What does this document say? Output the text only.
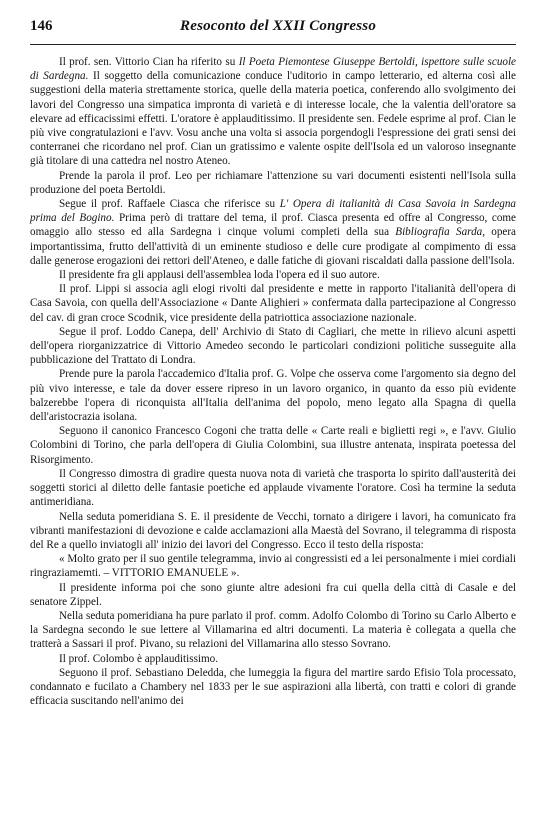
146	Resoconto del XXII Congresso

Il prof. sen. Vittorio Cian ha riferito su Il Poeta Piemontese Giuseppe Bertoldi, ispettore sulle scuole di Sardegna. Il soggetto della comunicazione conduce l'uditorio in campo letterario, ed alterna così alle suggestioni della materia strettamente storica, quelle della materia poetica, conferendo allo svolgimento dei lavori del Congresso una simpatica impronta di varietà e di interesse locale, che la valentia dell'oratore sa elevare ad efficacissimi effetti. L'oratore è applauditissimo. Il presidente sen. Fedele esprime al prof. Cian le più vive congratulazioni e l'avv. Vosu anche una volta si associa porgendogli l'espressione dei grati sensi dei conterranei che ricordano nel prof. Cian un gratissimo e valente ospite dell'Isola ed un valoroso insegnante già titolare di una cattedra nel nostro Ateneo.

Prende la parola il prof. Leo per richiamare l'attenzione su vari documenti esistenti nell'Isola sulla produzione del poeta Bertoldi.

Segue il prof. Raffaele Ciasca che riferisce su L' Opera di italianità di Casa Savoia in Sardegna prima del Bogino. Prima però di trattare del tema, il prof. Ciasca presenta ed offre al Congresso, come omaggio allo stesso ed alla Sardegna i cinque volumi completi della sua Bibliografia Sarda, opera importantissima, frutto dell'attività di un eminente studioso e delle cure prodigate al compimento di essa dalle generose erogazioni dei rettori dell'Ateneo, e dalle fatiche di giovani riscaldati dalla passione dell'Isola.

Il presidente fra gli applausi dell'assemblea loda l'opera ed il suo autore.

Il prof. Lippi si associa agli elogi rivolti dal presidente e mette in rapporto l'italianità dell'opera di Casa Savoia, con quella dell'Associazione « Dante Alighieri » confermata dalla partecipazione al Congresso del cav. di gran croce Scodnik, vice presidente della patriottica associazione nazionale.

Segue il prof. Loddo Canepa, dell' Archivio di Stato di Cagliari, che mette in rilievo alcuni aspetti dell'opera riorganizzatrice di Vittorio Amedeo secondo le particolari condizioni politiche susseguite alla pubblicazione del Trattato di Londra.

Prende pure la parola l'accademico d'Italia prof. G. Volpe che osserva come l'argomento sia degno del più vivo interesse, e tale da dover essere ripreso in un lavoro organico, in quanto da esso più evidente balzerebbe l'opera di riconquista all'Italia dell'anima del popolo, meno legato alla Spagna di quella dell'aristocrazia isolana.

Seguono il canonico Francesco Cogoni che tratta delle « Carte reali e biglietti regi », e l'avv. Giulio Colombini di Torino, che parla dell'opera di Giulia Colombini, sua illustre antenata, inspirata poetessa del Risorgimento.

Il Congresso dimostra di gradire questa nuova nota di varietà che trasporta lo spirito dall'austerità dei soggetti storici al diletto delle fantasie poetiche ed applaude vivamente l'oratore. Così ha termine la seduta antimeridiana.

Nella seduta pomeridiana S. E. il presidente de Vecchi, tornato a dirigere i lavori, ha comunicato fra vibranti manifestazioni di devozione e calde acclamazioni alla Maestà del Sovrano, il telegramma di risposta del Re a quello inviatogli all' inizio dei lavori del Congresso. Ecco il testo della risposta:

« Molto grato per il suo gentile telegramma, invio ai congressisti ed a lei personalmente i miei cordiali ringraziamemti. – VITTORIO EMANUELE ».

Il presidente informa poi che sono giunte altre adesioni fra cui quella della città di Casale e del senatore Zippel.

Nella seduta pomeridiana ha pure parlato il prof. comm. Adolfo Colombo di Torino su Carlo Alberto e la Sardegna secondo le sue lettere al Villamarina ed altri documenti. La materia è collegata a quella che tratterà a Sassari il prof. Pivano, su relazioni del Villamarina allo stesso Sovrano.

Il prof. Colombo è applauditissimo.

Seguono il prof. Sebastiano Deledda, che lumeggia la figura del martire sardo Efisio Tola processato, condannato e fucilato a Chambery nel 1833 per le sue aspirazioni alla libertà, con tratti e colori di grande efficacia suscitando nell'animo dei
